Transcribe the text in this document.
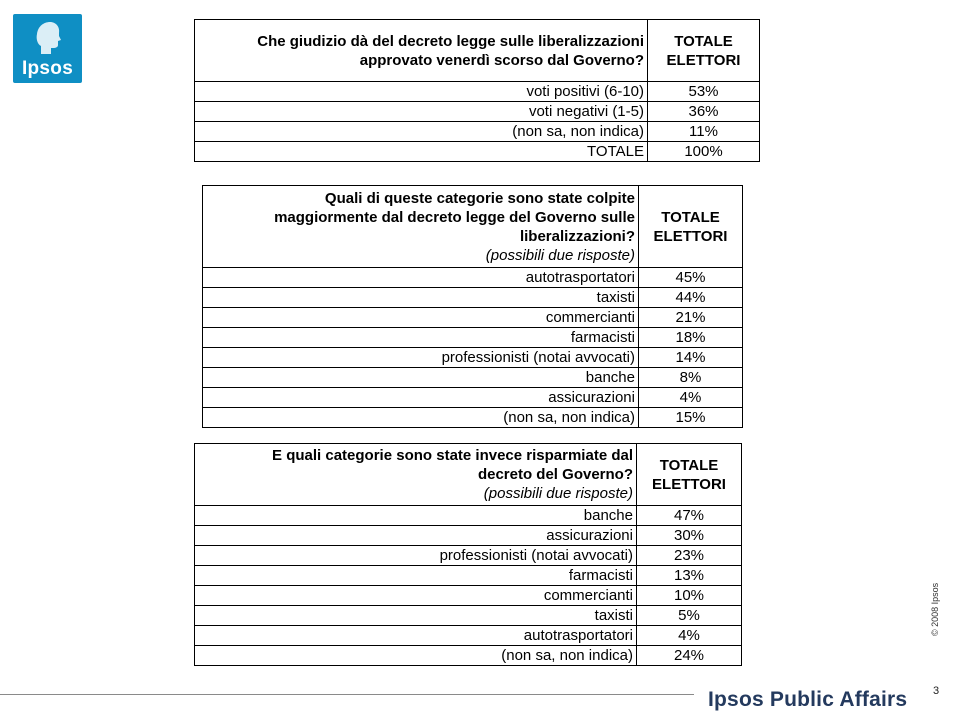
Ipsos
Che giudizio dà del decreto legge sulle liberalizzazioni
approvato venerdì scorso dal Governo?	TOTALE
ELETTORI

voti positivi (6-10)	53%
voti negativi (1-5)	36%
(non sa, non indica)	11%
TOTALE	100%
Quali di queste categorie sono state colpite
maggiormente dal decreto legge del Governo sulle
liberalizzazioni?
(possibili due risposte)	TOTALE
ELETTORI

autotrasportatori	45%
taxisti	44%
commercianti	21%
farmacisti	18%
professionisti (notai avvocati)	14%
banche	8%
assicurazioni	4%
(non sa, non indica)	15%
E quali categorie sono state invece risparmiate dal
decreto del Governo?
(possibili due risposte)	TOTALE
ELETTORI

banche	47%
assicurazioni	30%
professionisti (notai avvocati)	23%
farmacisti	13%
commercianti	10%
taxisti	5%
autotrasportatori	4%
(non sa, non indica)	24%
© 2008 Ipsos
3
Ipsos Public Affairs
